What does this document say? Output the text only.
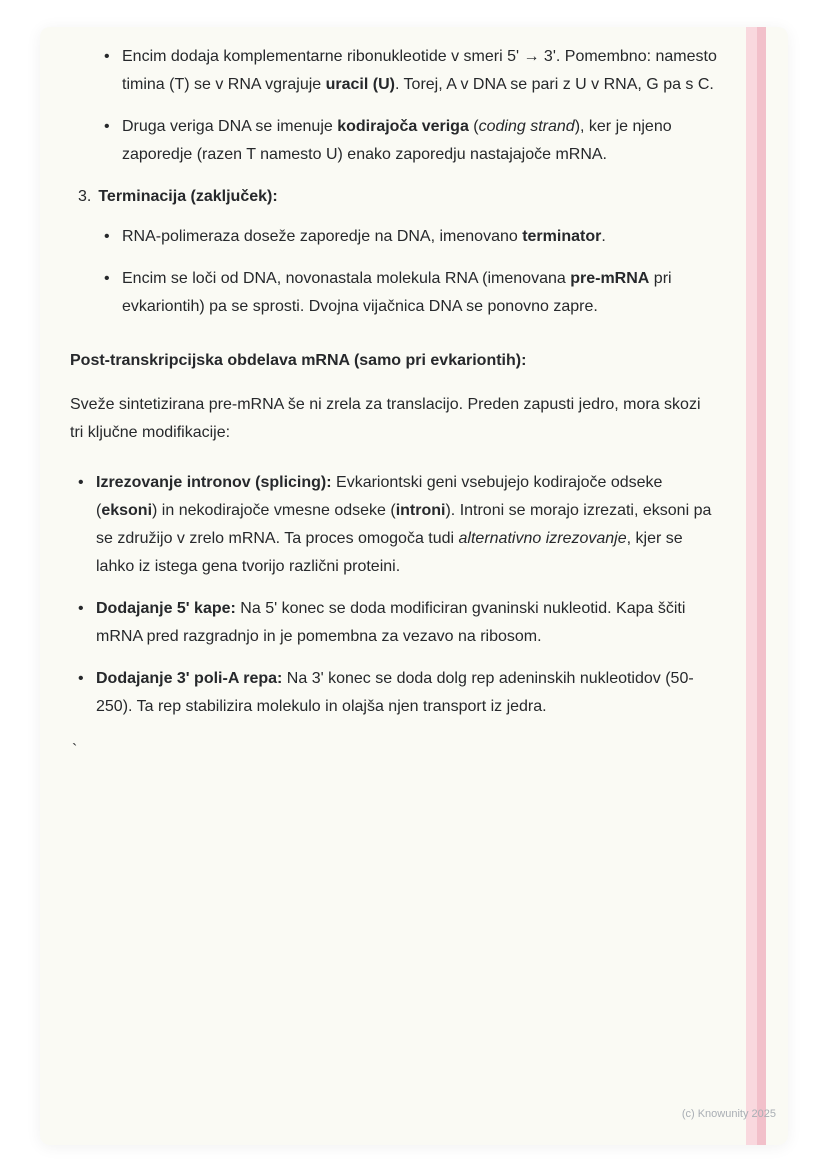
• Encim dodaja komplementarne ribonukleotide v smeri 5' → 3'. Pomembno: namesto timina (T) se v RNA vgrajuje uracil (U). Torej, A v DNA se pari z U v RNA, G pa s C.
• Druga veriga DNA se imenuje kodirajoča veriga (coding strand), ker je njeno zaporedje (razen T namesto U) enako zaporedju nastajajoče mRNA.
3. Terminacija (zaključek):
• RNA-polimeraza doseže zaporedje na DNA, imenovano terminator.
• Encim se loči od DNA, novonastala molekula RNA (imenovana pre-mRNA pri evkariontih) pa se sprosti. Dvojna vijačnica DNA se ponovno zapre.

Post-transkripcijska obdelava mRNA (samo pri evkariontih):

Sveže sintetizirana pre-mRNA še ni zrela za translacijo. Preden zapusti jedro, mora skozi tri ključne modifikacije:

• Izrezovanje intronov (splicing): Evkariontski geni vsebujejo kodirajoče odseke (eksoni) in nekodirajoče vmesne odseke (introni). Introni se morajo izrezati, eksoni pa se združijo v zrelo mRNA. Ta proces omogoča tudi alternativno izrezovanje, kjer se lahko iz istega gena tvorijo različni proteini.
• Dodajanje 5' kape: Na 5' konec se doda modificiran gvaninski nukleotid. Kapa ščiti mRNA pred razgradnjo in je pomembna za vezavo na ribosom.
• Dodajanje 3' poli-A repa: Na 3' konec se doda dolg rep adeninskih nukleotidov (50-250). Ta rep stabilizira molekulo in olajša njen transport iz jedra.

`

(c) Knowunity 2025
